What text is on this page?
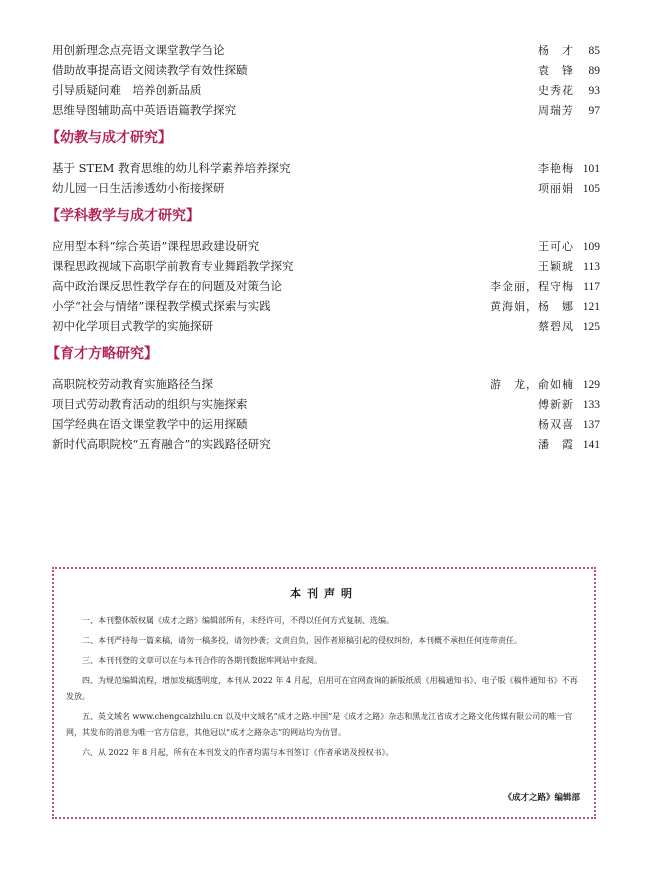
用创新理念点亮语文课堂教学刍论	杨　才	85
借助故事提高语文阅读教学有效性探赜	袁　锋	89
引导质疑问难　培养创新品质	史秀花	93
思维导图辅助高中英语语篇教学探究	周瑞芳	97
【幼教与成才研究】
基于 STEM 教育思维的幼儿科学素养培养探究	李艳梅 101
幼儿园一日生活渗透幼小衔接探研	项丽娟 105
【学科教学与成才研究】
应用型本科“综合英语”课程思政建设研究	王可心 109
课程思政视域下高职学前教育专业舞蹈教学探究	王颖琥 113
高中政治课反思性教学存在的问题及对策刍论	李金丽，程守梅 117
小学“社会与情绪”课程教学模式探索与实践	黄海娟，杨　娜 121
初中化学项目式教学的实施探研	蔡碧凤 125
【育才方略研究】
高职院校劳动教育实施路径刍探	游　龙，俞如楠 129
项目式劳动教育活动的组织与实施探索	傅新新 133
国学经典在语文课堂教学中的运用探赜	杨双喜 137
新时代高职院校“五育融合”的实践路径研究	潘　霞 141
本刊声明
一、本刊整体版权属《成才之路》编辑部所有，未经许可，不得以任何方式复制、选编。
二、本刊严持每一篇来稿，请勿一稿多投，请勿抄袭；文责自负，因作者原稿引起的侵权纠纷，本刊概不承担任何连带责任。
三、本刊刊登的文章可以在与本刊合作的各期刊数据库网站中查阅。
四、为规范编辑流程，增加发稿透明度，本刊从 2022 年 4 月起，启用可在官网查询的新版纸质《用稿通知书》、电子版《稿件通知书》不再发放。
五、英文域名 www.chengcaizhilu.cn 以及中文域名“成才之路.中国”是《成才之路》杂志和黑龙江省成才之路文化传媒有限公司的唯一官网，其发布的消息为唯一官方信息，其他冠以“成才之路杂志”的网站均为仿冒。
六、从 2022 年 8 月起，所有在本刊发文的作者均需与本刊签订《作者承诺及授权书》。
《成才之路》编辑部
